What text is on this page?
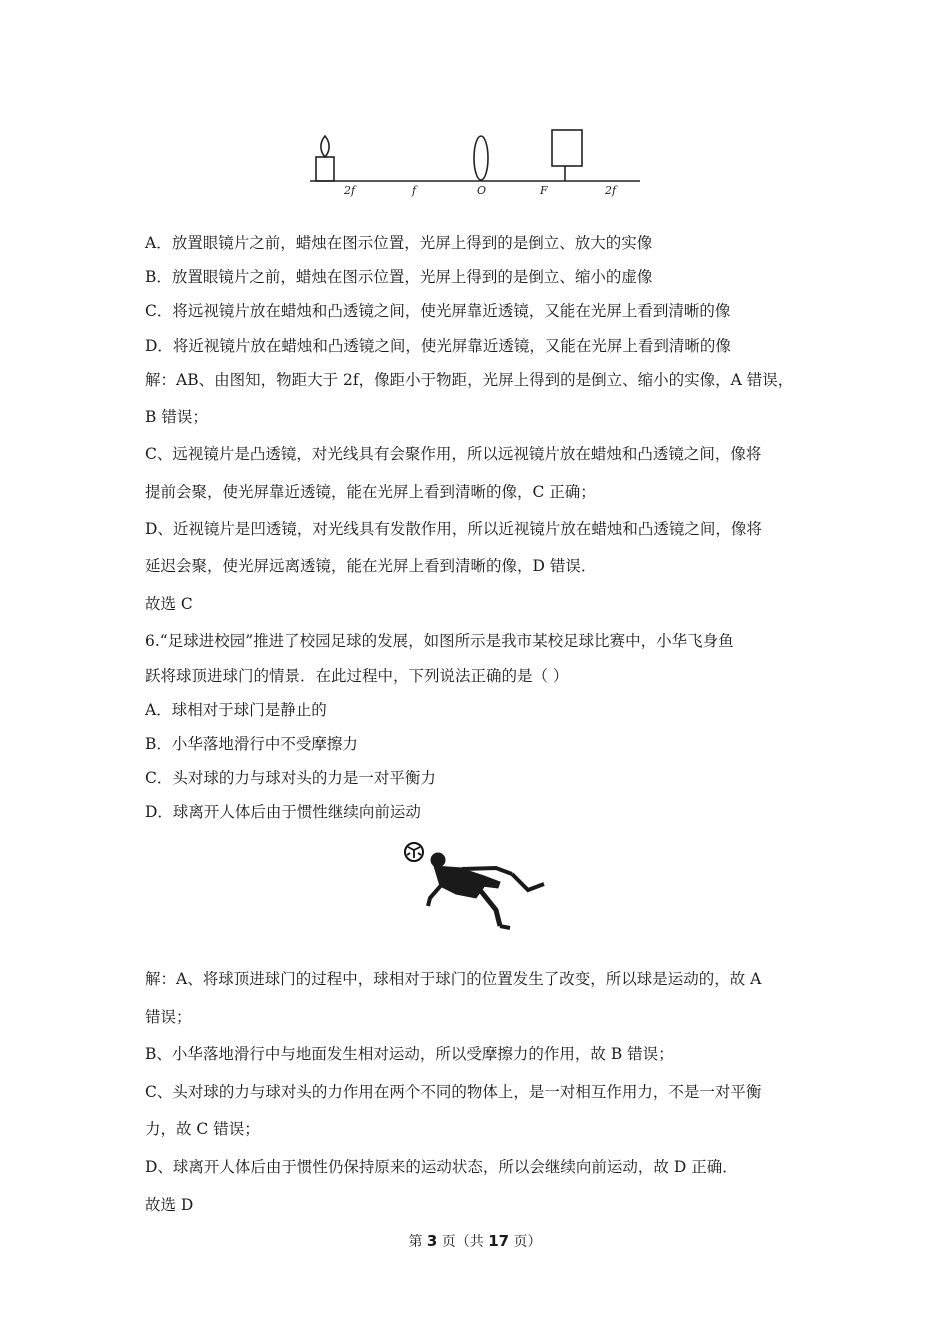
2f	f	O	F	2f
A．放置眼镜片之前，蜡烛在图示位置，光屏上得到的是倒立、放大的实像
B．放置眼镜片之前，蜡烛在图示位置，光屏上得到的是倒立、缩小的虚像
C．将远视镜片放在蜡烛和凸透镜之间，使光屏靠近透镜，又能在光屏上看到清晰的像
D．将近视镜片放在蜡烛和凸透镜之间，使光屏靠近透镜，又能在光屏上看到清晰的像
解：AB、由图知，物距大于 2f，像距小于物距，光屏上得到的是倒立、缩小的实像，A 错误，
B 错误；
C、远视镜片是凸透镜，对光线具有会聚作用，所以远视镜片放在蜡烛和凸透镜之间，像将
提前会聚，使光屏靠近透镜，能在光屏上看到清晰的像，C 正确；
D、近视镜片是凹透镜，对光线具有发散作用，所以近视镜片放在蜡烛和凸透镜之间，像将
延迟会聚，使光屏远离透镜，能在光屏上看到清晰的像，D 错误．
故选 C
6.“足球进校园”推进了校园足球的发展，如图所示是我市某校足球比赛中，小华飞身鱼
跃将球顶进球门的情景．在此过程中，下列说法正确的是（ ）
A．球相对于球门是静止的
B．小华落地滑行中不受摩擦力
C．头对球的力与球对头的力是一对平衡力
D．球离开人体后由于惯性继续向前运动
解：A、将球顶进球门的过程中，球相对于球门的位置发生了改变，所以球是运动的，故 A
错误；
B、小华落地滑行中与地面发生相对运动，所以受摩擦力的作用，故 B 错误；
C、头对球的力与球对头的力作用在两个不同的物体上，是一对相互作用力，不是一对平衡
力，故 C 错误；
D、球离开人体后由于惯性仍保持原来的运动状态，所以会继续向前运动，故 D 正确．
故选 D
第 3 页（共 17 页）
